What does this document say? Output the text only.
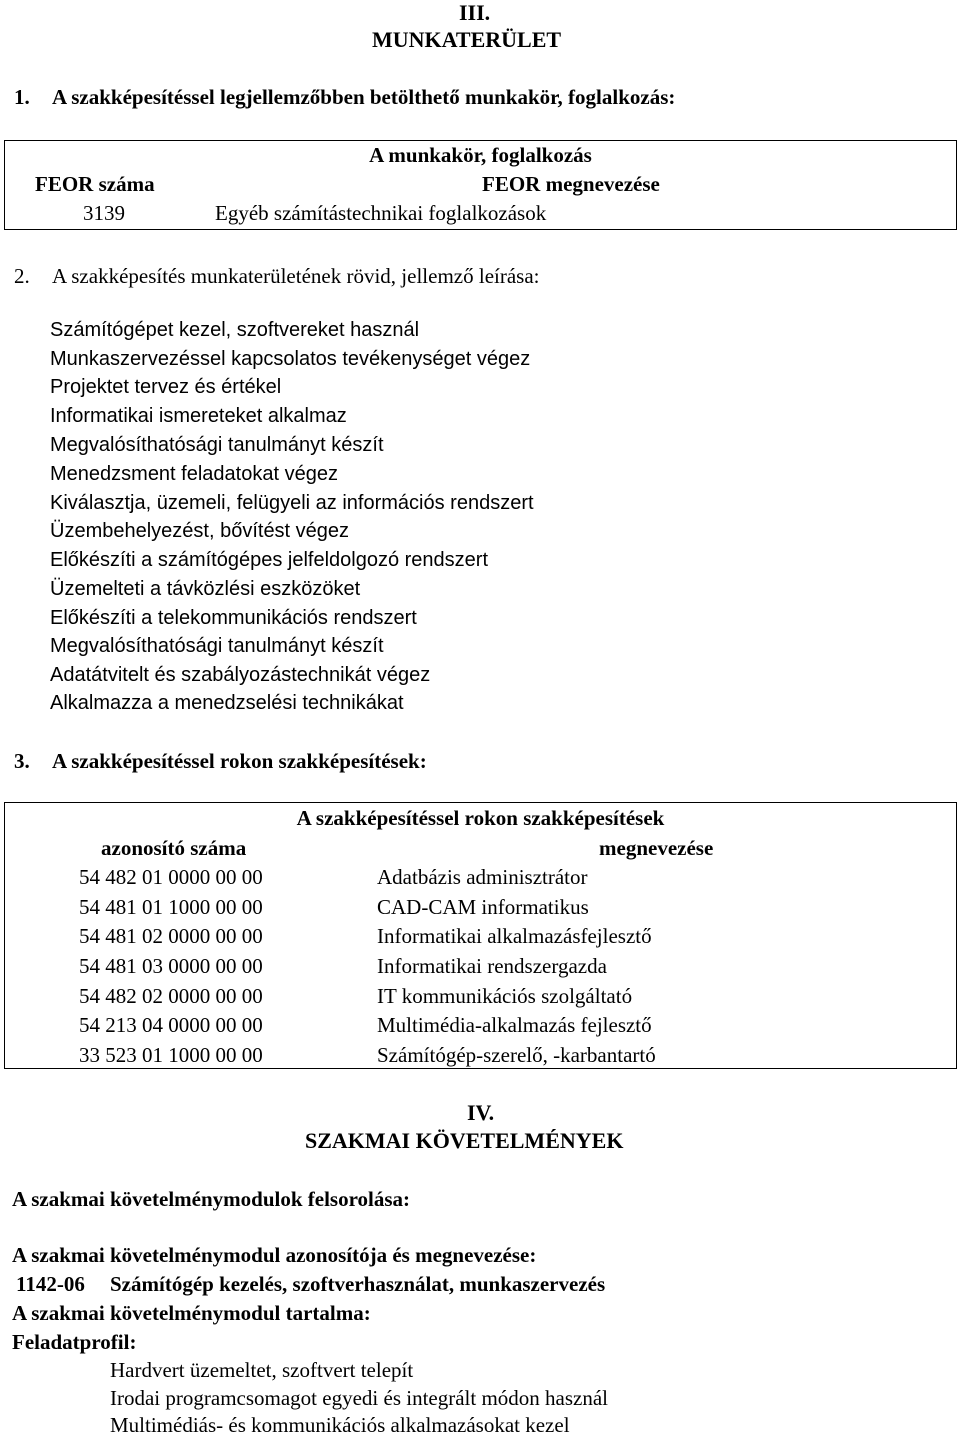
III.
MUNKATERÜLET
1. A szakképesítéssel legjellemzőbben betölthető munkakör, foglalkozás:
A munkakör, foglalkozás
FEOR száma	FEOR megnevezése
3139	Egyéb számítástechnikai foglalkozások
2. A szakképesítés munkaterületének rövid, jellemző leírása:
Számítógépet kezel, szoftvereket használ
Munkaszervezéssel kapcsolatos tevékenységet végez
Projektet tervez és értékel
Informatikai ismereteket alkalmaz
Megvalósíthatósági tanulmányt készít
Menedzsment feladatokat végez
Kiválasztja, üzemeli, felügyeli az információs rendszert
Üzembehelyezést, bővítést végez
Előkészíti a számítógépes jelfeldolgozó rendszert
Üzemelteti a távközlési eszközöket
Előkészíti a telekommunikációs rendszert
Megvalósíthatósági tanulmányt készít
Adatátvitelt és szabályozástechnikát végez
Alkalmazza a menedzselési technikákat
3. A szakképesítéssel rokon szakképesítések:
A szakképesítéssel rokon szakképesítések
azonosító száma	megnevezése
54 482 01 0000 00 00	Adatbázis adminisztrátor
54 481 01 1000 00 00	CAD-CAM informatikus
54 481 02 0000 00 00	Informatikai alkalmazásfejlesztő
54 481 03 0000 00 00	Informatikai rendszergazda
54 482 02 0000 00 00	IT kommunikációs szolgáltató
54 213 04 0000 00 00	Multimédia-alkalmazás fejlesztő
33 523 01 1000 00 00	Számítógép-szerelő, -karbantartó
IV.
SZAKMAI KÖVETELMÉNYEK
A szakmai követelménymodulok felsorolása:
A szakmai követelménymodul azonosítója és megnevezése:
1142-06 Számítógép kezelés, szoftverhasználat, munkaszervezés
A szakmai követelménymodul tartalma:
Feladatprofil:
Hardvert üzemeltet, szoftvert telepít
Irodai programcsomagot egyedi és integrált módon használ
Multimédiás- és kommunikációs alkalmazásokat kezel
